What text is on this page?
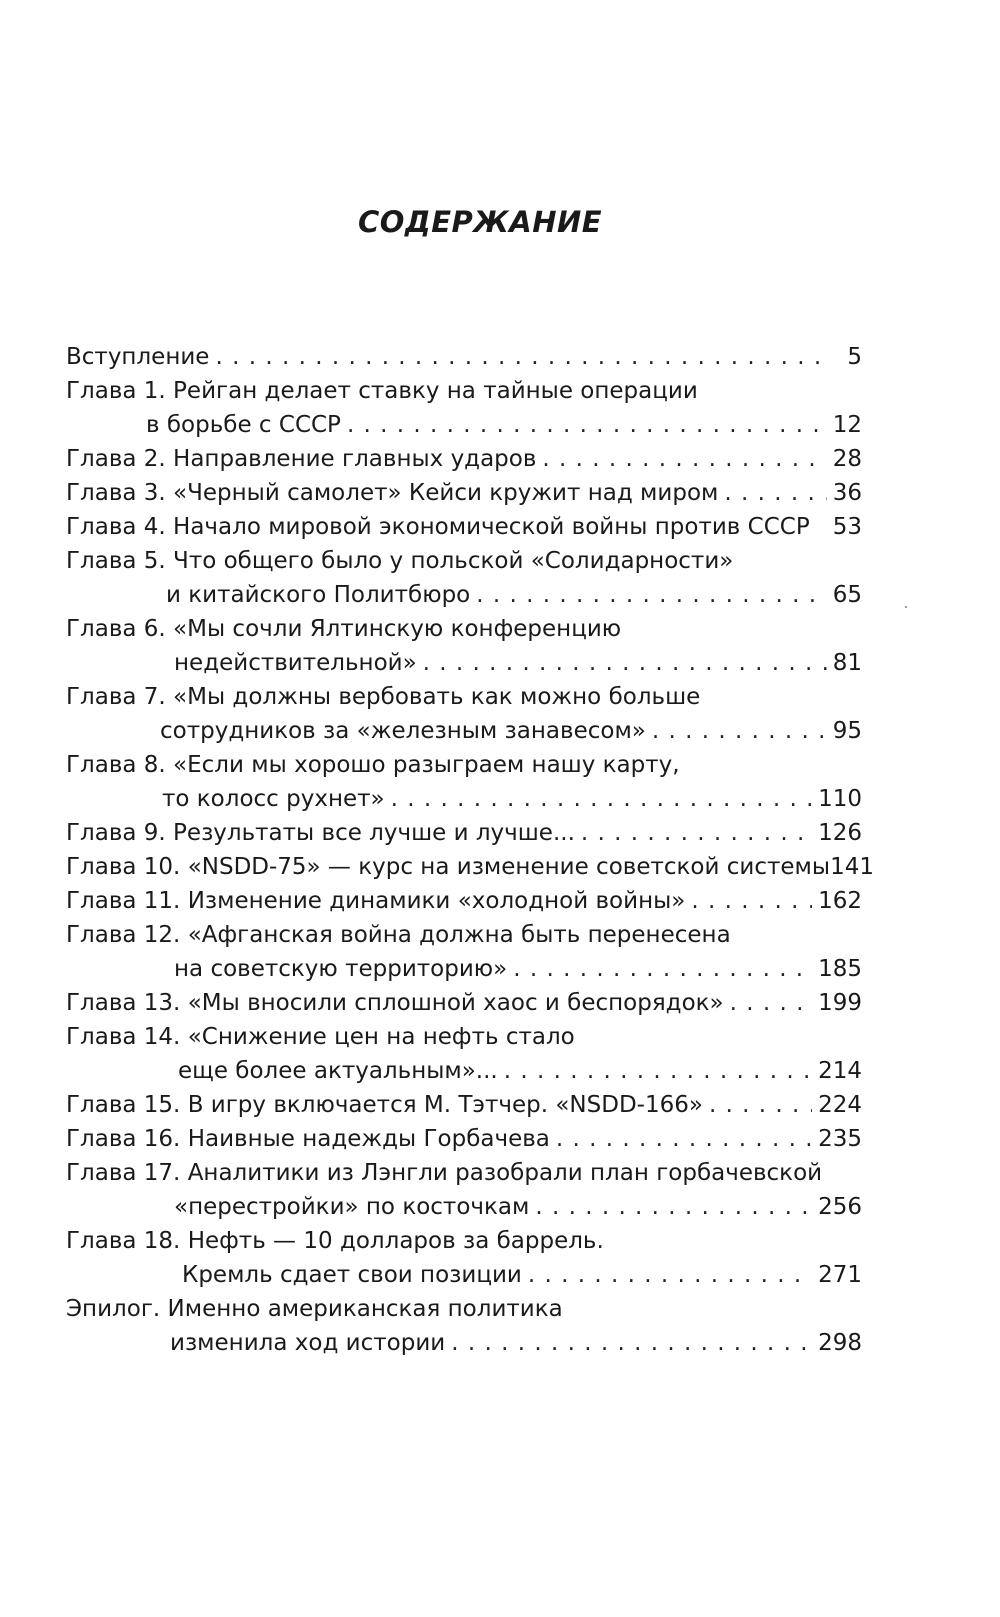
СОДЕРЖАНИЕ
Вступление . . .	5
Глава 1. Рейган делает ставку на тайные операции
в борьбе с СССР . . .	12
Глава 2. Направление главных ударов . . .	28
Глава 3. «Черный самолет» Кейси кружит над миром . . .	36
Глава 4. Начало мировой экономической войны против СССР 53
Глава 5. Что общего было у польской «Солидарности»
и китайского Политбюро . . .	65
Глава 6. «Мы сочли Ялтинскую конференцию
недействительной» . . .	81
Глава 7. «Мы должны вербовать как можно больше
сотрудников за «железным занавесом» . . .	95
Глава 8. «Если мы хорошо разыграем нашу карту,
то колосс рухнет» . . .	110
Глава 9. Результаты все лучше и лучше... . . .	126
Глава 10. «NSDD-75» — курс на изменение советской системы 141
Глава 11. Изменение динамики «холодной войны» . . .	162
Глава 12. «Афганская война должна быть перенесена
на советскую территорию» . . .	185
Глава 13. «Мы вносили сплошной хаос и беспорядок» . . .	199
Глава 14. «Снижение цен на нефть стало
еще более актуальным»... . . .	214
Глава 15. В игру включается М. Тэтчер. «NSDD-166» . . .	224
Глава 16. Наивные надежды Горбачева . . .	235
Глава 17. Аналитики из Лэнгли разобрали план горбачевской
«перестройки» по косточкам . . .	256
Глава 18. Нефть — 10 долларов за баррель.
Кремль сдает свои позиции . . .	271
Эпилог. Именно американская политика
изменила ход истории . . .	298
